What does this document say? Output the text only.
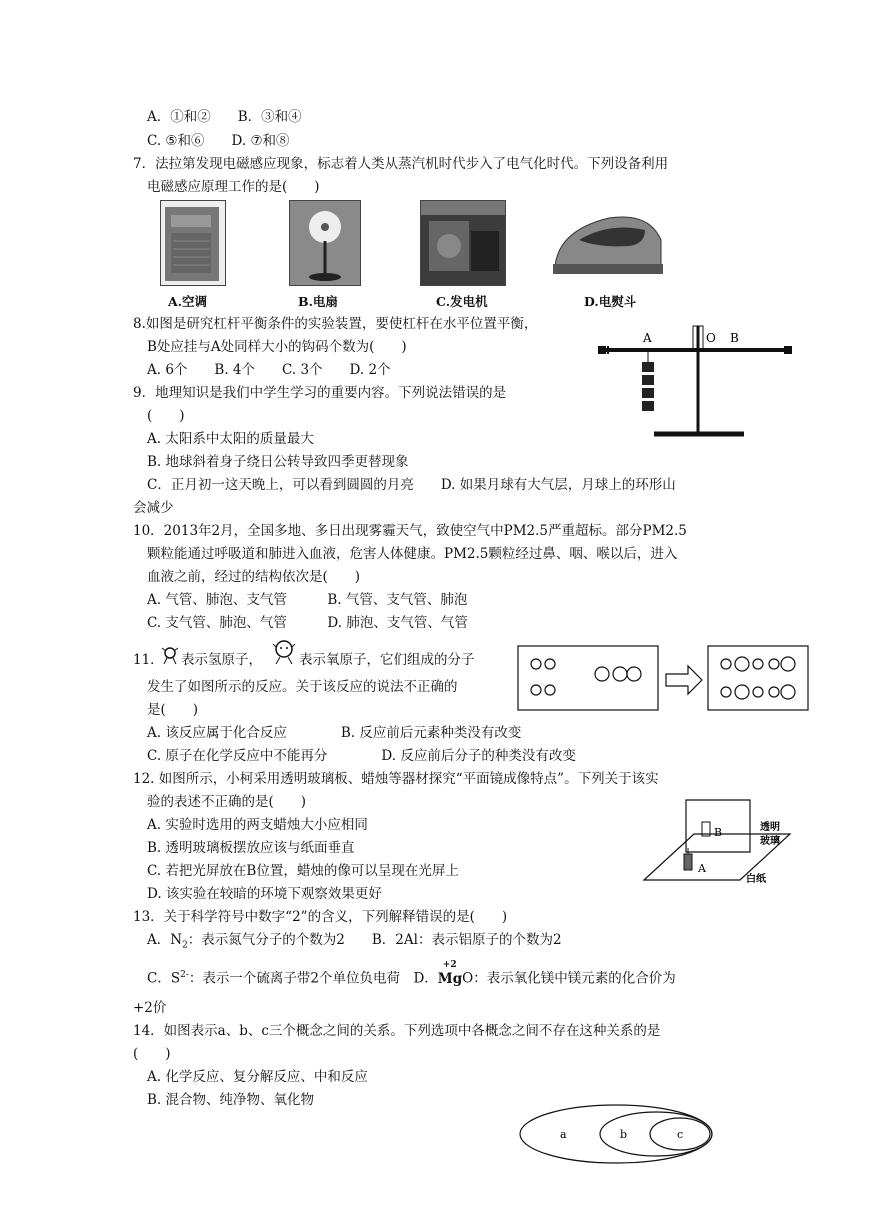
A．①和②　　B．③和④
C. ⑤和⑥　　D. ⑦和⑧
7．法拉第发现电磁感应现象，标志着人类从蒸汽机时代步入了电气化时代。下列设备利用
电磁感应原理工作的是(　　)
A.空调	B.电扇	C.发电机	D.电熨斗
8.如图是研究杠杆平衡条件的实验装置，要使杠杆在水平位置平衡，
B处应挂与A处同样大小的钩码个数为(　　)
A. 6个　　B. 4个　　C. 3个　　D. 2个
A	O B
9．地理知识是我们中学生学习的重要内容。下列说法错误的是
(　　)
A. 太阳系中太阳的质量最大
B. 地球斜着身子绕日公转导致四季更替现象
C．正月初一这天晚上，可以看到圆圆的月亮　　D. 如果月球有大气层，月球上的环形山
会减少
10．2013年2月，全国多地、多日出现雾霾天气，致使空气中PM2.5严重超标。部分PM2.5
颗粒能通过呼吸道和肺进入血液，危害人体健康。PM2.5颗粒经过鼻、咽、喉以后，进入
血液之前，经过的结构依次是(　　)
A. 气管、肺泡、支气管　　　B. 气管、支气管、肺泡
C. 支气管、肺泡、气管　　　D. 肺泡、支气管、气管
11． 表示氢原子，	表示氧原子，它们组成的分子
发生了如图所示的反应。关于该反应的说法不正确的
是(　　)
A. 该反应属于化合反应　　　　B. 反应前后元素种类没有改变
C. 原子在化学反应中不能再分　　　　D. 反应前后分子的种类没有改变
12. 如图所示，小柯采用透明玻璃板、蜡烛等器材探究“平面镜成像特点”。下列关于该实
验的表述不正确的是(　　)
A. 实验时选用的两支蜡烛大小应相同
B. 透明玻璃板摆放应该与纸面垂直
C. 若把光屏放在B位置，蜡烛的像可以呈现在光屏上
D. 该实验在较暗的环境下观察效果更好
B
A
透明
玻璃
白纸
13．关于科学符号中数字“2”的含义，下列解释错误的是(　　)
A．$N_2$：表示氮气分子的个数为2　　B．2Al：表示铝原子的个数为2
C．$S^{2-}$：表示一个硫离子带2个单位负电荷　D．
+2
MgO：表示氧化镁中镁元素的化合价为
+2价
14．如图表示a、b、c三个概念之间的关系。下列选项中各概念之间不存在这种关系的是
(　　)
A. 化学反应、复分解反应、中和反应
B. 混合物、纯净物、氧化物
a	b	c
